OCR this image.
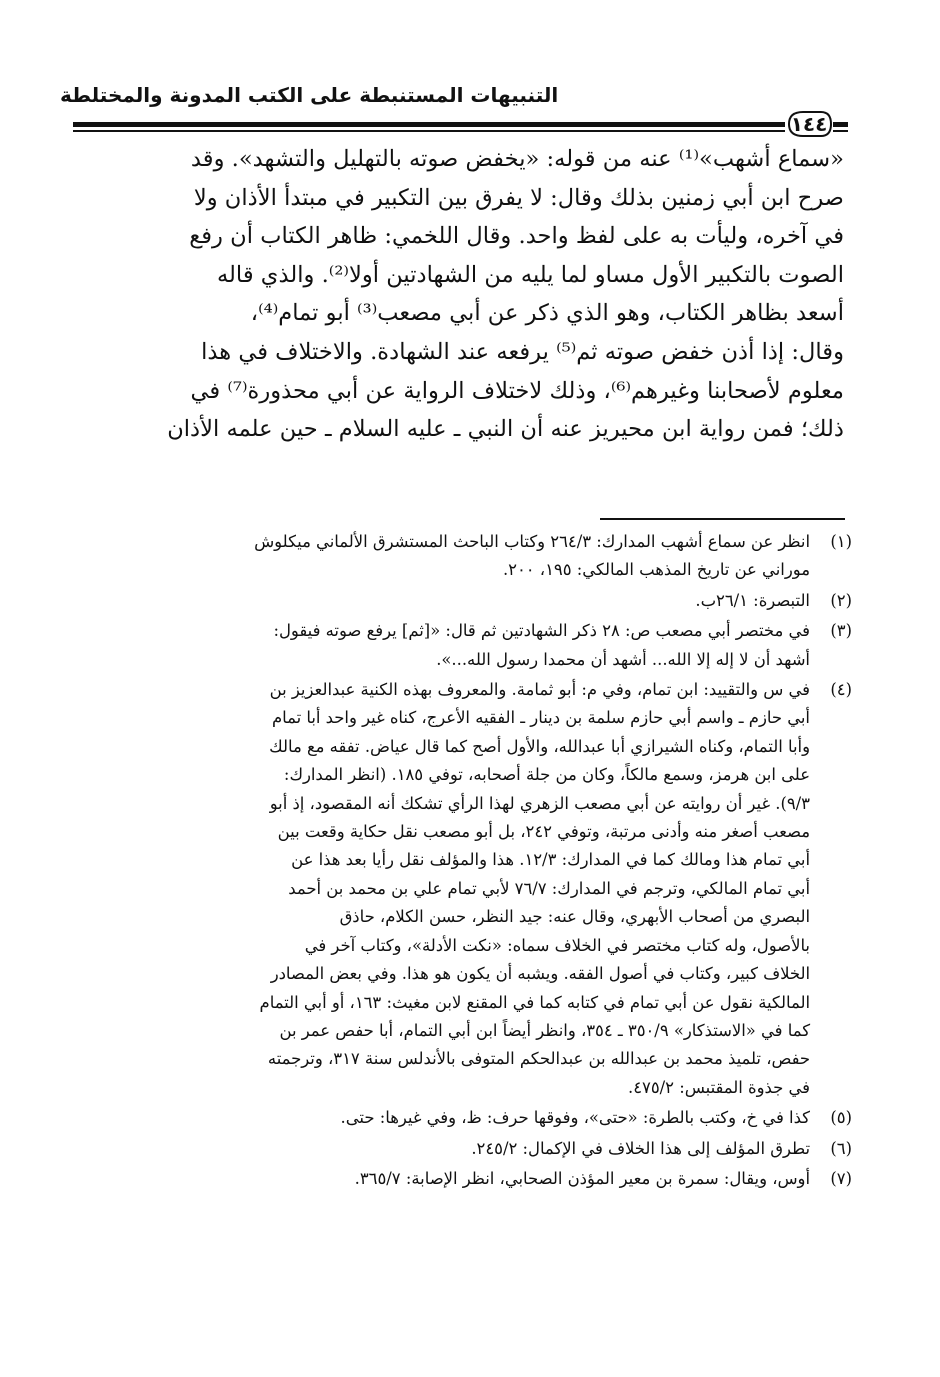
التنبيهات المستنبطة على الكتب المدونة والمختلطة
١٤٤

«سماع أشهب»⁽¹⁾ عنه من قوله: «يخفض صوته بالتهليل والتشهد». وقد

صرح ابن أبي زمنين بذلك وقال: لا يفرق بين التكبير في مبتدأ الأذان ولا

في آخره، وليأت به على لفظ واحد. وقال اللخمي: ظاهر الكتاب أن رفع

الصوت بالتكبير الأول مساو لما يليه من الشهادتين أولا⁽²⁾. والذي قاله

أسعد بظاهر الكتاب، وهو الذي ذكر عن أبي مصعب⁽³⁾ أبو تمام⁽⁴⁾،

وقال: إذا أذن خفض صوته ثم⁽⁵⁾ يرفعه عند الشهادة. والاختلاف في هذا

معلوم لأصحابنا وغيرهم⁽⁶⁾، وذلك لاختلاف الرواية عن أبي محذورة⁽⁷⁾ في

ذلك؛ فمن رواية ابن محيريز عنه أن النبي ـ عليه السلام ـ حين علمه الأذان

(١)
انظر عن سماع أشهب المدارك: ٢٦٤/٣ وكتاب الباحث المستشرق الألماني ميكلوش
موراني عن تاريخ المذهب المالكي: ١٩٥، ٢٠٠.
(٢)
التبصرة: ٢٦/١ب.
(٣)
في مختصر أبي مصعب ص: ٢٨ ذكر الشهادتين ثم قال: «[ثم] يرفع صوته فيقول:
أشهد أن لا إله إلا الله... أشهد أن محمدا رسول الله...».
(٤)
في س والتقييد: ابن تمام، وفي م: أبو ثمامة. والمعروف بهذه الكنية عبدالعزيز بن
أبي حازم ـ واسم أبي حازم سلمة بن دينار ـ الفقيه الأعرج، كناه غير واحد أبا تمام
وأبا التمام، وكناه الشيرازي أبا عبدالله، والأول أصح كما قال عياض. تفقه مع مالك
على ابن هرمز، وسمع مالكاً، وكان من جلة أصحابه، توفي ١٨٥. (انظر المدارك:
٩/٣). غير أن روايته عن أبي مصعب الزهري لهذا الرأي تشكك أنه المقصود، إذ أبو
مصعب أصغر منه وأدنى مرتبة، وتوفي ٢٤٢، بل أبو مصعب نقل حكاية وقعت بين
أبي تمام هذا ومالك كما في المدارك: ١٢/٣. هذا والمؤلف نقل رأيا بعد هذا عن
أبي تمام المالكي، وترجم في المدارك: ٧٦/٧ لأبي تمام علي بن محمد بن أحمد
البصري من أصحاب الأبهري، وقال عنه: جيد النظر، حسن الكلام، حاذق
بالأصول، وله كتاب مختصر في الخلاف سماه: «نكت الأدلة»، وكتاب آخر في
الخلاف كبير، وكتاب في أصول الفقه. ويشبه أن يكون هو هذا. وفي بعض المصادر
المالكية نقول عن أبي تمام في كتابه كما في المقنع لابن مغيث: ١٦٣، أو أبي التمام
كما في «الاستذكار» ٣٥٠/٩ ـ ٣٥٤، وانظر أيضاً ابن أبي التمام، أبا حفص عمر بن
حفص، تلميذ محمد بن عبدالله بن عبدالحكم المتوفى بالأندلس سنة ٣١٧، وترجمته
في جذوة المقتبس: ٤٧٥/٢.
(٥)
كذا في خ، وكتب بالطرة: «حتى»، وفوقها حرف: ظ، وفي غيرها: حتى.
(٦)
تطرق المؤلف إلى هذا الخلاف في الإكمال: ٢٤٥/٢.
(٧)
أوس، ويقال: سمرة بن معير المؤذن الصحابي، انظر الإصابة: ٣٦٥/٧.
